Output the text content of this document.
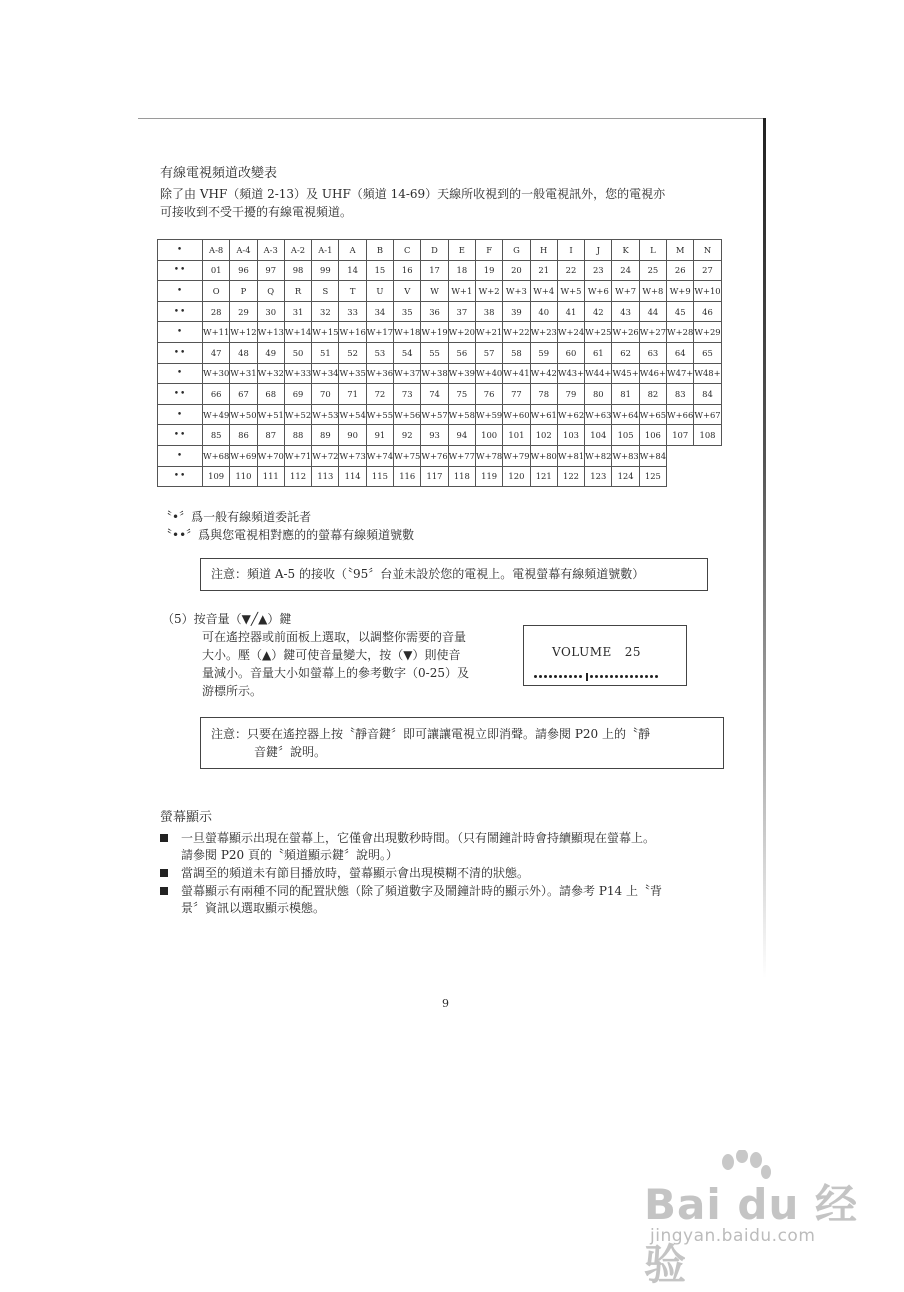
有線電視頻道改變表

除了由 VHF（頻道 2-13）及 UHF（頻道 14-69）天線所收視到的一般電視訊外，您的電視亦

可接收到不受干擾的有線電視頻道。

•	A-8	A-4	A-3	A-2	A-1	A	B	C	D	E	F	G	H	I	J	K	L	M	N
••	01	96	97	98	99	14	15	16	17	18	19	20	21	22	23	24	25	26	27
•	O	P	Q	R	S	T	U	V	W	W+1	W+2	W+3	W+4	W+5	W+6	W+7	W+8	W+9	W+10
••	28	29	30	31	32	33	34	35	36	37	38	39	40	41	42	43	44	45	46
•	W+11	W+12	W+13	W+14	W+15	W+16	W+17	W+18	W+19	W+20	W+21	W+22	W+23	W+24	W+25	W+26	W+27	W+28	W+29
••	47	48	49	50	51	52	53	54	55	56	57	58	59	60	61	62	63	64	65
•	W+30	W+31	W+32	W+33	W+34	W+35	W+36	W+37	W+38	W+39	W+40	W+41	W+42	W43+	W44+	W45+	W46+	W47+	W48+
••	66	67	68	69	70	71	72	73	74	75	76	77	78	79	80	81	82	83	84
•	W+49	W+50	W+51	W+52	W+53	W+54	W+55	W+56	W+57	W+58	W+59	W+60	W+61	W+62	W+63	W+64	W+65	W+66	W+67
••	85	86	87	88	89	90	91	92	93	94	100	101	102	103	104	105	106	107	108
•	W+68	W+69	W+70	W+71	W+72	W+73	W+74	W+75	W+76	W+77	W+78	W+79	W+80	W+81	W+82	W+83	W+84		
••	109	110	111	112	113	114	115	116	117	118	119	120	121	122	123	124	125		
〝•〞爲一般有線頻道委託者
〝••〞爲與您電視相對應的的螢幕有線頻道號數
注意：頻道 A-5 的接收（〝95〞台並未設於您的電視上。電視螢幕有線頻道號數）
（5）按音量（▼╱▲）鍵

可在遙控器或前面板上選取，以調整你需要的音量

大小。壓（▲）鍵可使音量變大，按（▼）則使音

量減小。音量大小如螢幕上的參考數字（0-25）及

游標所示。

VOLUME 25
注意：只要在遙控器上按〝靜音鍵〞即可讓讓電視立即消聲。請參閱 P20 上的〝靜
音鍵〞說明。
螢幕顯示

一旦螢幕顯示出現在螢幕上，它僅會出現數秒時間。（只有鬧鐘計時會持續顯現在螢幕上。

請參閱 P20 頁的〝頻道顯示鍵〞說明。）

當調至的頻道未有節目播放時，螢幕顯示會出現模糊不清的狀態。

螢幕顯示有兩種不同的配置狀態（除了頻道數字及鬧鐘計時的顯示外）。請參考 P14 上〝背

景〞資訊以選取顯示模態。

9
Bai du 经验
jingyan.baidu.com
